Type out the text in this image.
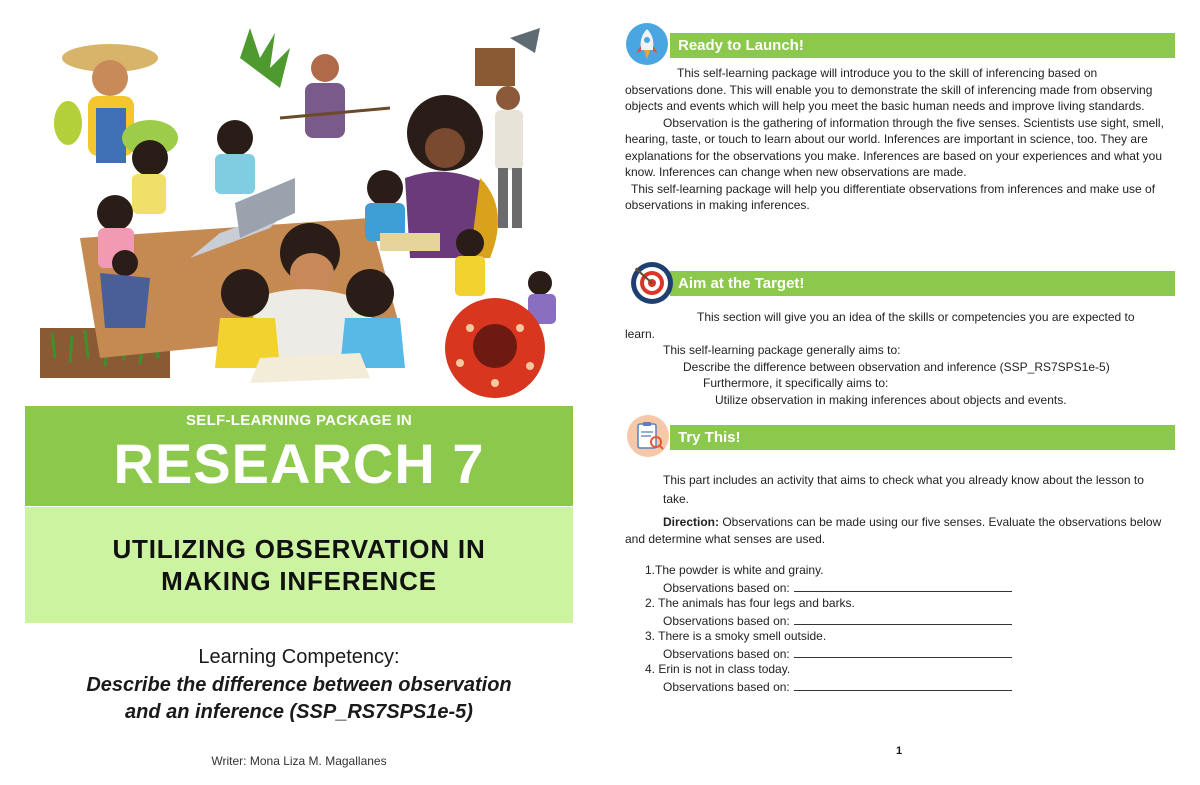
SELF-LEARNING PACKAGE IN
RESEARCH 7
UTILIZING OBSERVATION IN
MAKING INFERENCE
Learning Competency:
Describe the difference between observation
and an inference (SSP_RS7SPS1e-5)
Writer: Mona Liza M. Magallanes
Ready to Launch!

This self-learning package will introduce you to the skill of inferencing based on observations done. This will enable you to demonstrate the skill of inferencing made from observing objects and events which will help you meet the basic human needs and improve living standards.

Observation is the gathering of information through the five senses. Scientists use sight, smell, hearing, taste, or touch to learn about our world. Inferences are important in science, too. They are explanations for the observations you make. Inferences are based on your experiences and what you know. Inferences can change when new observations are made.

This self-learning package will help you differentiate observations from inferences and make use of observations in making inferences.

Aim at the Target!

This section will give you an idea of the skills or competencies you are expected to learn.

This self-learning package generally aims to:

Describe the difference between observation and inference (SSP_RS7SPS1e-5)

Furthermore, it specifically aims to:

Utilize observation in making inferences about objects and events.

Try This!

This part includes an activity that aims to check what you already know about the lesson to take.

Direction: Observations can be made using our five senses. Evaluate the observations below and determine what senses are used.

1.The powder is white and grainy.
Observations based on:
2. The animals has four legs and barks.
Observations based on:
3. There is a smoky smell outside.
Observations based on:
4. Erin is not in class today.
Observations based on:
1
